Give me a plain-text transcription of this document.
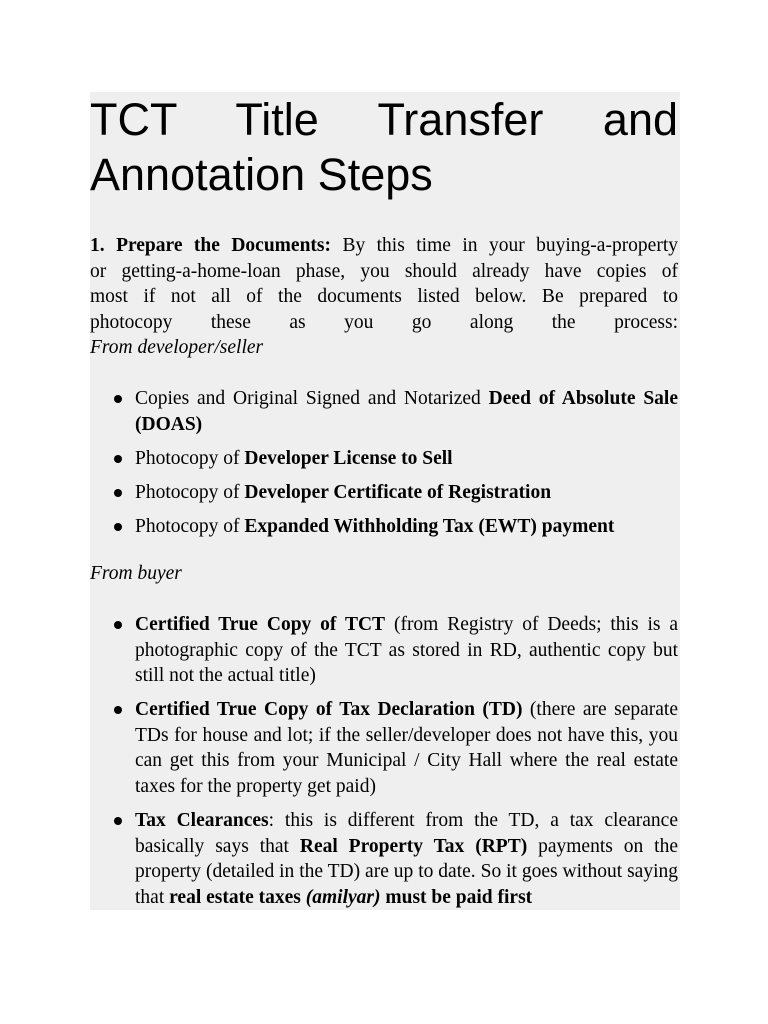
TCT Title Transfer and
Annotation Steps

1. Prepare the Documents: By this time in your buying-a-property
or getting-a-home-loan phase, you should already have copies of
most if not all of the documents listed below. Be prepared to
photocopy these as you go along the process:
From developer/seller

Copies and Original Signed and Notarized Deed of Absolute Sale (DOAS)
Photocopy of Developer License to Sell
Photocopy of Developer Certificate of Registration
Photocopy of Expanded Withholding Tax (EWT) payment

From buyer

Certified True Copy of TCT (from Registry of Deeds; this is a photographic copy of the TCT as stored in RD, authentic copy but still not the actual title)
Certified True Copy of Tax Declaration (TD) (there are separate TDs for house and lot; if the seller/developer does not have this, you can get this from your Municipal / City Hall where the real estate taxes for the property get paid)
Tax Clearances: this is different from the TD, a tax clearance basically says that Real Property Tax (RPT) payments on the property (detailed in the TD) are up to date. So it goes without saying that real estate taxes (amilyar) must be paid first
